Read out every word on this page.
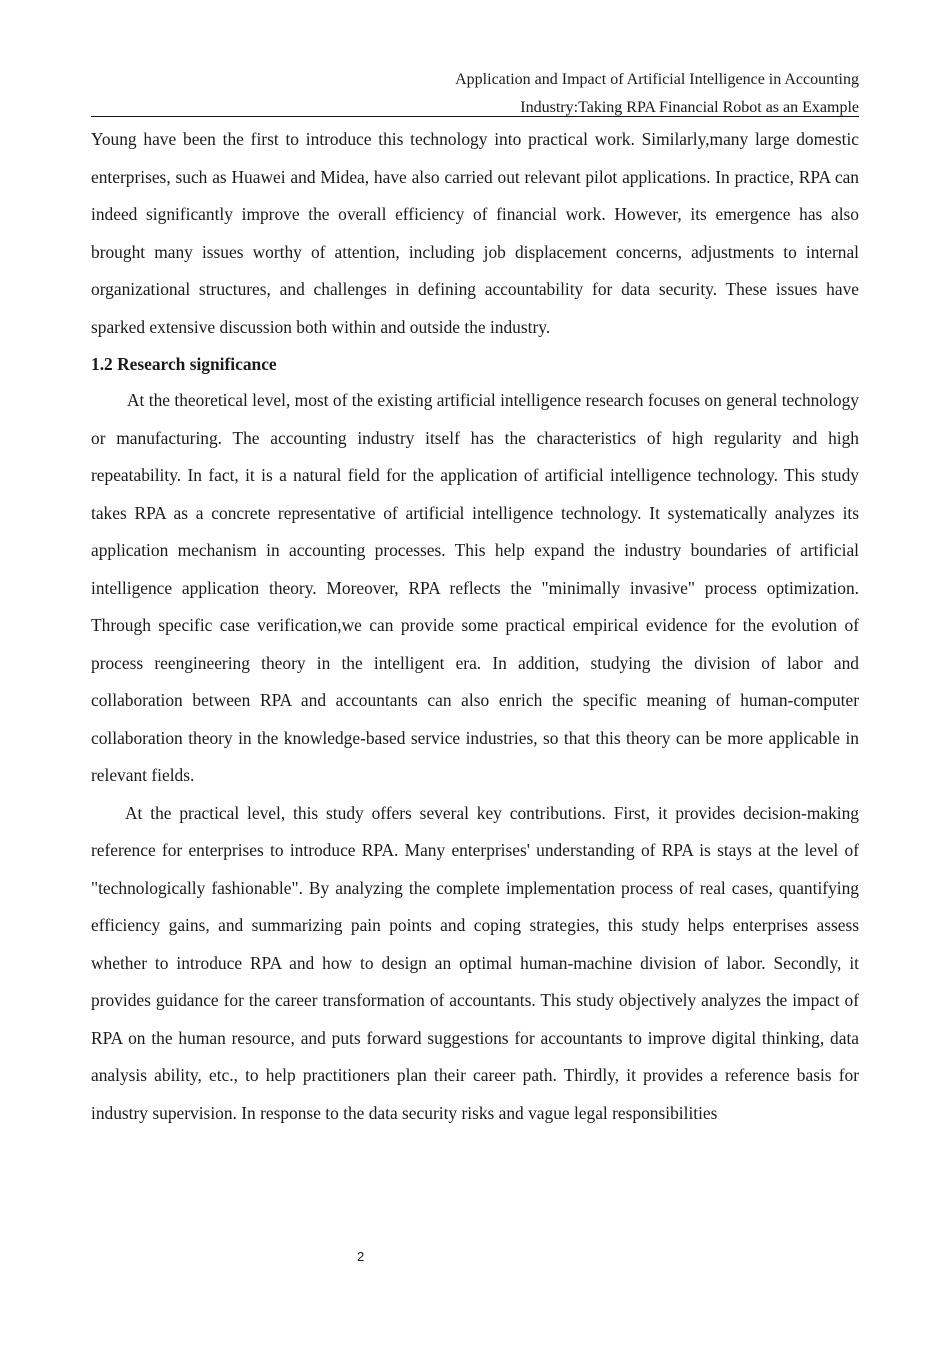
Application and Impact of Artificial Intelligence in Accounting
Industry:Taking RPA Financial Robot as an Example

Young have been the first to introduce this technology into practical work. Similarly,many large domestic enterprises, such as Huawei and Midea, have also carried out relevant pilot applications. In practice, RPA can indeed significantly improve the overall efficiency of financial work. However, its emergence has also brought many issues worthy of attention, including job displacement concerns, adjustments to internal organizational structures, and challenges in defining accountability for data security. These issues have sparked extensive discussion both within and outside the industry.

1.2 Research significance

At the theoretical level, most of the existing artificial intelligence research focuses on general technology or manufacturing. The accounting industry itself has the characteristics of high regularity and high repeatability. In fact, it is a natural field for the application of artificial intelligence technology. This study takes RPA as a concrete representative of artificial intelligence technology. It systematically analyzes its application mechanism in accounting processes. This help expand the industry boundaries of artificial intelligence application theory. Moreover, RPA reflects the "minimally invasive" process optimization. Through specific case verification,we can provide some practical empirical evidence for the evolution of process reengineering theory in the intelligent era. In addition, studying the division of labor and collaboration between RPA and accountants can also enrich the specific meaning of human-computer collaboration theory in the knowledge-based service industries, so that this theory can be more applicable in relevant fields.

At the practical level, this study offers several key contributions. First, it provides decision-making reference for enterprises to introduce RPA. Many enterprises' understanding of RPA is stays at the level of "technologically fashionable". By analyzing the complete implementation process of real cases, quantifying efficiency gains, and summarizing pain points and coping strategies, this study helps enterprises assess whether to introduce RPA and how to design an optimal human-machine division of labor. Secondly, it provides guidance for the career transformation of accountants. This study objectively analyzes the impact of RPA on the human resource, and puts forward suggestions for accountants to improve digital thinking, data analysis ability, etc., to help practitioners plan their career path. Thirdly, it provides a reference basis for industry supervision. In response to the data security risks and vague legal responsibilities

2
